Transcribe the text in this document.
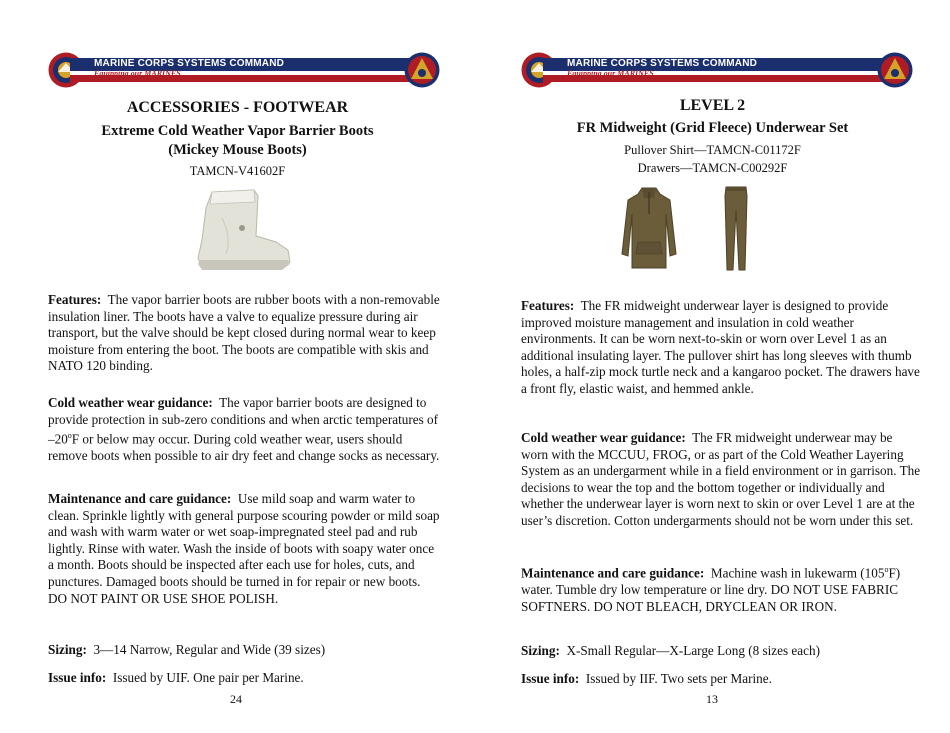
MARINE CORPS SYSTEMS COMMAND
Equipping our MARINES
ACCESSORIES - FOOTWEAR
Extreme Cold Weather Vapor Barrier Boots
(Mickey Mouse Boots)
TAMCN-V41602F
Features: The vapor barrier boots are rubber boots with a non-removable insulation liner. The boots have a valve to equalize pressure during air transport, but the valve should be kept closed during normal wear to keep moisture from entering the boot. The boots are compatible with skis and NATO 120 binding.
Cold weather wear guidance: The vapor barrier boots are designed to provide protection in sub-zero conditions and when arctic temperatures of –20$^o$F or below may occur. During cold weather wear, users should remove boots when possible to air dry feet and change socks as necessary.
Maintenance and care guidance: Use mild soap and warm water to clean. Sprinkle lightly with general purpose scouring powder or mild soap and wash with warm water or wet soap-impregnated steel pad and rub lightly. Rinse with water. Wash the inside of boots with soapy water once a month. Boots should be inspected after each use for holes, cuts, and punctures. Damaged boots should be turned in for repair or new boots. DO NOT PAINT OR USE SHOE POLISH.
Sizing: 3—14 Narrow, Regular and Wide (39 sizes)
Issue info: Issued by UIF. One pair per Marine.
24
MARINE CORPS SYSTEMS COMMAND
Equipping our MARINES
LEVEL 2
FR Midweight (Grid Fleece) Underwear Set
Pullover Shirt—TAMCN-C01172F
Drawers—TAMCN-C00292F
Features: The FR midweight underwear layer is designed to provide improved moisture management and insulation in cold weather environments. It can be worn next-to-skin or worn over Level 1 as an additional insulating layer. The pullover shirt has long sleeves with thumb holes, a half-zip mock turtle neck and a kangaroo pocket. The drawers have a front fly, elastic waist, and hemmed ankle.
Cold weather wear guidance: The FR midweight underwear may be worn with the MCCUU, FROG, or as part of the Cold Weather Layering System as an undergarment while in a field environment or in garrison. The decisions to wear the top and the bottom together or individually and whether the underwear layer is worn next to skin or over Level 1 are at the user’s discretion. Cotton undergarments should not be worn under this set.
Maintenance and care guidance: Machine wash in lukewarm (105$^o$F) water. Tumble dry low temperature or line dry. DO NOT USE FABRIC SOFTNERS. DO NOT BLEACH, DRYCLEAN OR IRON.
Sizing: X-Small Regular—X-Large Long (8 sizes each)
Issue info: Issued by IIF. Two sets per Marine.
13
